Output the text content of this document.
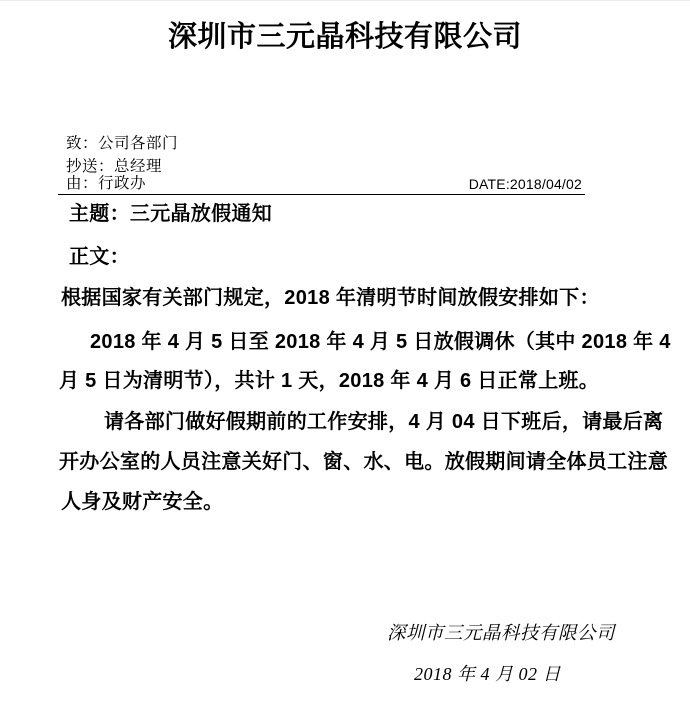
深圳市三元晶科技有限公司
致：公司各部门
抄送：总经理
由：行政办	DATE:2018/04/02
主题：三元晶放假通知
正文：
根据国家有关部门规定，2018 年清明节时间放假安排如下：
2018 年 4 月 5 日至 2018 年 4 月 5 日放假调休（其中 2018 年 4
月 5 日为清明节），共计 1 天，2018 年 4 月 6 日正常上班。
请各部门做好假期前的工作安排，4 月 04 日下班后，请最后离
开办公室的人员注意关好门、窗、水、电。放假期间请全体员工注意
人身及财产安全。
深圳市三元晶科技有限公司
2018 年 4 月 02 日
